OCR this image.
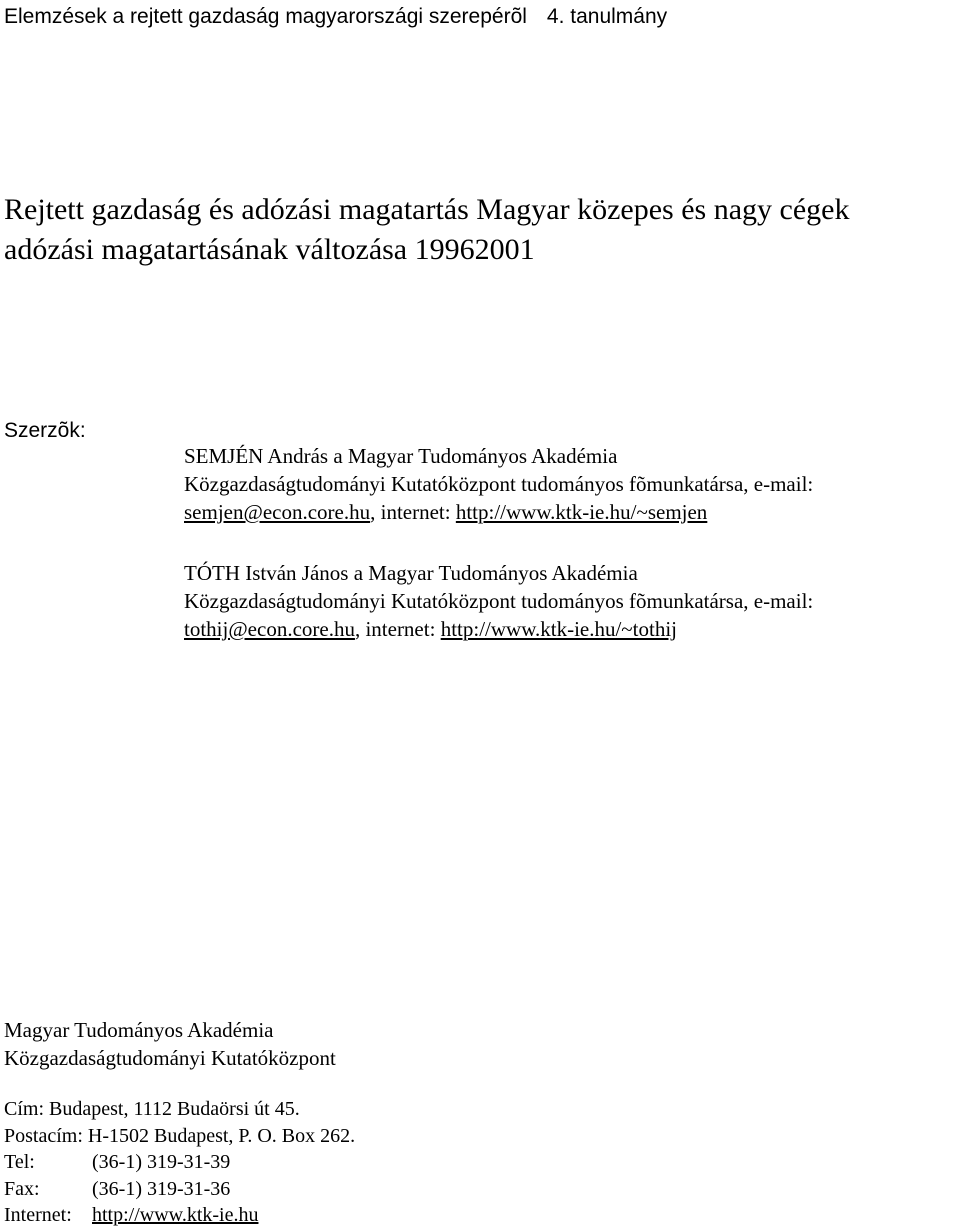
Elemzések a rejtett gazdaság magyarországi szerepérõl 4. tanulmány
Rejtett gazdaság és adózási magatartás Magyar közepes és nagy cégek
adózási magatartásának változása 19962001
Szerzõk:
SEMJÉN András a Magyar Tudományos Akadémia
Közgazdaságtudományi Kutatóközpont tudományos fõmunkatársa, e-mail:
semjen@econ.core.hu, internet: http://www.ktk-ie.hu/~semjen
TÓTH István János a Magyar Tudományos Akadémia
Közgazdaságtudományi Kutatóközpont tudományos fõmunkatársa, e-mail:
tothij@econ.core.hu, internet: http://www.ktk-ie.hu/~tothij
Magyar Tudományos Akadémia
Közgazdaságtudományi Kutatóközpont
Cím: Budapest, 1112 Budaörsi út 45.
Postacím: H-1502 Budapest, P. O. Box 262.
Tel:	(36-1) 319-31-39
Fax:	(36-1) 319-31-36
Internet: http://www.ktk-ie.hu
